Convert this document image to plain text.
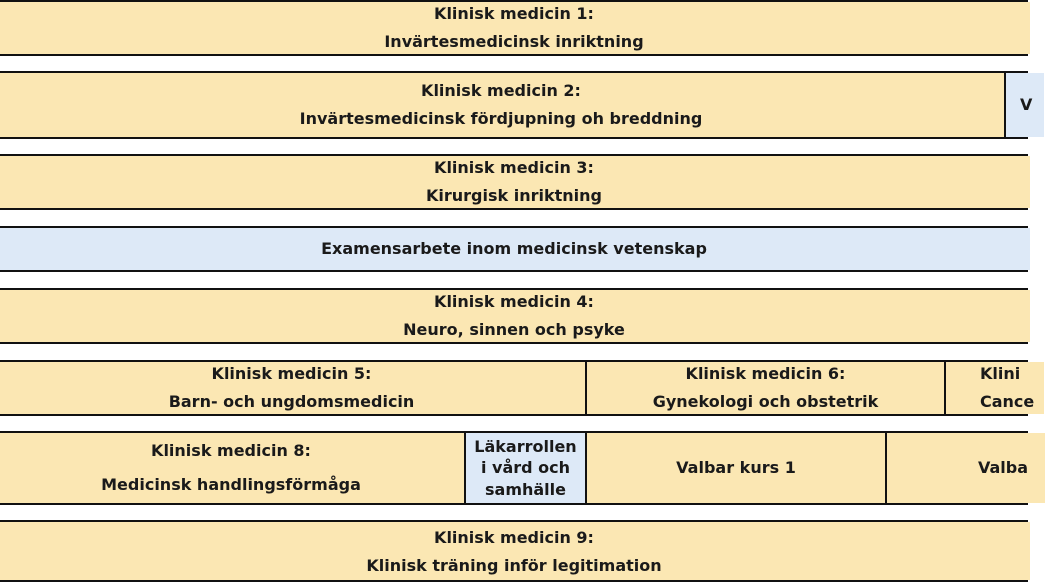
Klinisk medicin 1:
Invärtesmedicinsk inriktning
Klinisk medicin 2:
Invärtesmedicinsk fördjupning oh breddning
V
Klinisk medicin 3:
Kirurgisk inriktning
Examensarbete inom medicinsk vetenskap
Klinisk medicin 4:
Neuro, sinnen och psyke
Klinisk medicin 5:
Barn- och ungdomsmedicin
Klinisk medicin 6:
Gynekologi och obstetrik
Klini
Cance
Klinisk medicin 8:
Medicinsk handlingsförmåga
Läkarrollen i vård och samhälle
Valbar kurs 1	Valba
Klinisk medicin 9:
Klinisk träning inför legitimation
